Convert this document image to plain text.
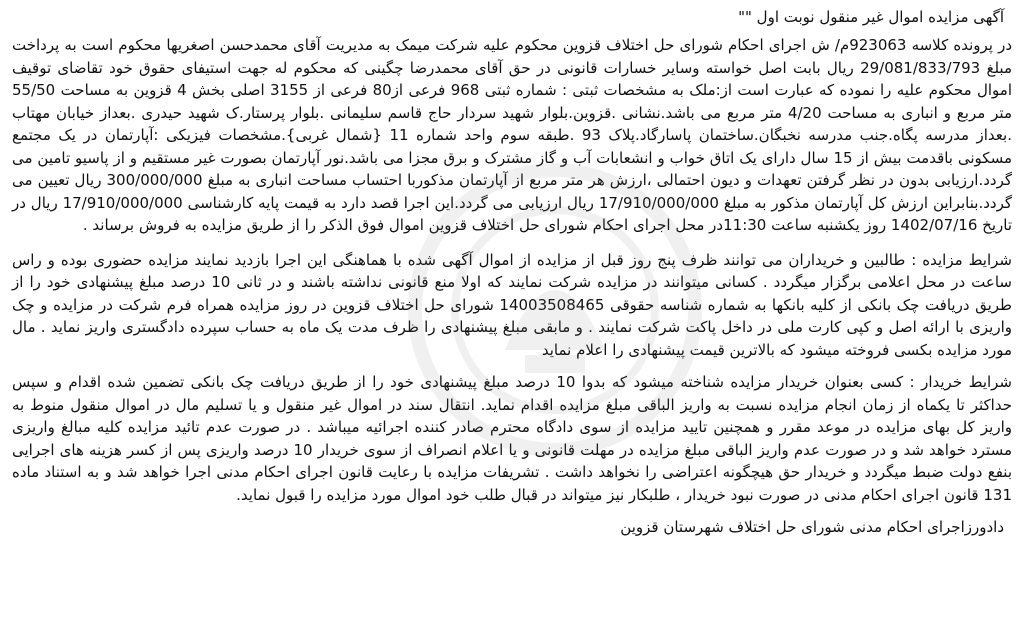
آگهی مزایده اموال غیر منقول نوبت اول ""
در پرونده کلاسه 923063م/ ش اجرای احکام شورای حل اختلاف قزوین محکوم علیه شرکت میمک به مدیریت آقای محمدحسن اصغریها محکوم است به پرداخت مبلغ 29/081/833/793 ریال بابت اصل خواسته وسایر خسارات قانونی در حق آقای محمدرضا چگینی که محکوم له جهت استیفای حقوق خود تقاضای توقیف اموال محکوم علیه را نموده که عبارت است از:ملک به مشخصات ثبتی : شماره ثبتی 968 فرعی از80 فرعی از 3155 اصلی بخش 4 قزوین به مساحت 55/50 متر مربع و انباری به مساحت 4/20 متر مربع می باشد.نشانی .قزوین.بلوار شهید سردار حاج قاسم سلیمانی .بلوار پرستار.ک شهید حیدری .بعداز خیابان مهتاب .بعداز مدرسه پگاه.جنب مدرسه نخبگان.ساختمان پاسارگاد.پلاک 93 .طبقه سوم واحد شماره 11 {شمال غربی}.مشخصات فیزیکی :آپارتمان در یک مجتمع مسکونی باقدمت بیش از 15 سال دارای یک اتاق خواب و انشعابات آب و گاز مشترک و برق مجزا می باشد.نور آپارتمان بصورت غیر مستقیم و از پاسیو تامین می گردد.ارزیابی بدون در نظر گرفتن تعهدات و دیون احتمالی ،ارزش هر متر مربع از آپارتمان مذکوربا احتساب مساحت انباری به مبلغ 300/000/000 ریال تعیین می گردد.بنابراین ارزش کل آپارتمان مذکور به مبلغ 17/910/000/000 ریال ارزیابی می گردد.این اجرا قصد دارد به قیمت پایه کارشناسی 17/910/000/000 ریال در تاریخ 1402/07/16 روز یکشنبه ساعت 11:30در محل اجرای احکام شورای حل اختلاف قزوین اموال فوق الذکر را از طریق مزایده به فروش برساند .
شرایط مزایده : طالبین و خریداران می توانند ظرف پنج روز قبل از مزایده از اموال آگهی شده با هماهنگی این اجرا بازدید نمایند مزایده حضوری بوده و راس ساعت در محل اعلامی برگزار میگردد . کسانی میتوانند در مزایده شرکت نمایند که اولا منع قانونی نداشته باشند و در ثانی 10 درصد مبلغ پیشنهادی خود را از طریق دریافت چک بانکی از کلیه بانکها به شماره شناسه حقوقی 14003508465 شورای حل اختلاف قزوین در روز مزایده همراه فرم شرکت در مزایده و چک واریزی با ارائه اصل و کپی کارت ملی در داخل پاکت شرکت نمایند . و مابقی مبلغ پیشنهادی را ظرف مدت یک ماه به حساب سپرده دادگستری واریز نماید . مال مورد مزایده بکسی فروخته میشود که بالاترین قیمت پیشنهادی را اعلام نماید
شرایط خریدار : کسی بعنوان خریدار مزایده شناخته میشود که بدوا 10 درصد مبلغ پیشنهادی خود را از طریق دریافت چک بانکی تضمین شده اقدام و سپس حداکثر تا یکماه از زمان انجام مزایده نسبت به واریز الباقی مبلغ مزایده اقدام نماید. انتقال سند در اموال غیر منقول و یا تسلیم مال در اموال منقول منوط به واریز کل بهای مزایده در موعد مقرر و همچنین تایید مزایده از سوی دادگاه محترم صادر کننده اجرائیه میباشد . در صورت عدم تائید مزایده کلیه مبالغ واریزی مسترد خواهد شد و در صورت عدم واریز الباقی مبلغ مزایده در مهلت قانونی و یا اعلام انصراف از سوی خریدار 10 درصد واریزی پس از کسر هزینه های اجرایی بنفع دولت ضبط میگردد و خریدار حق هیچگونه اعتراضی را نخواهد داشت . تشریفات مزایده با رعایت قانون اجرای احکام مدنی اجرا خواهد شد و به استناد ماده 131 قانون اجرای احکام مدنی در صورت نبود خریدار ، طلبکار نیز میتواند در قبال طلب خود اموال مورد مزایده را قبول نماید.
دادورزاجرای احکام مدنی شورای حل اختلاف شهرستان قزوین
